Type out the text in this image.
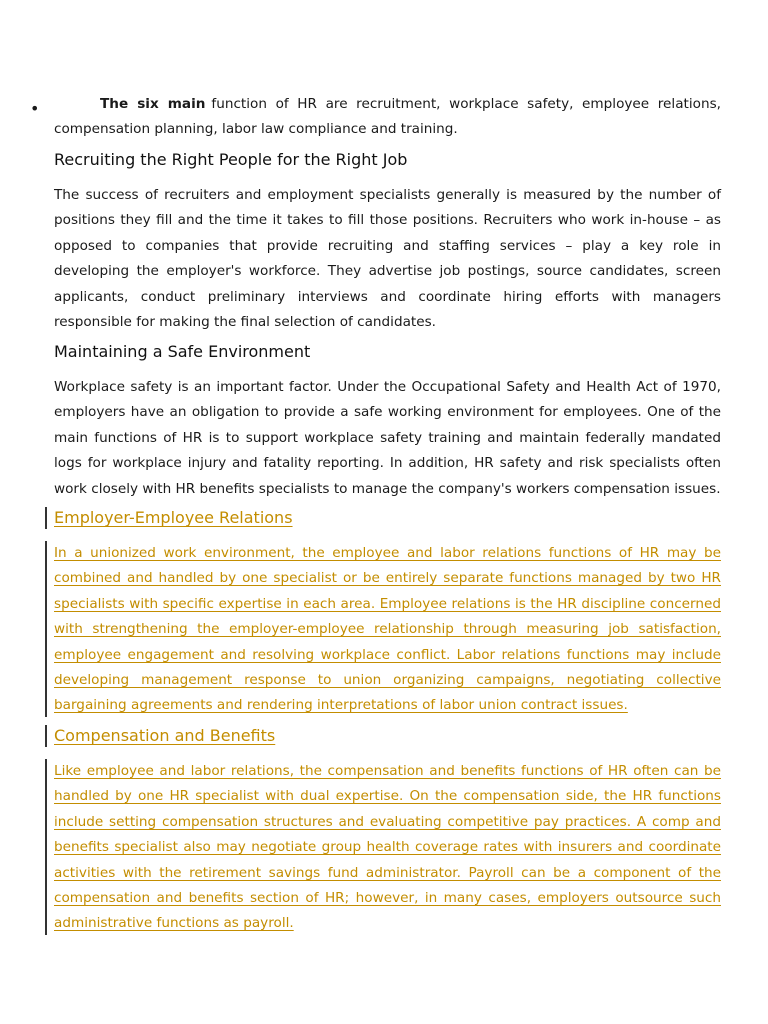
•	The six main function of HR are recruitment, workplace safety, employee relations, compensation planning, labor law compliance and training.

Recruiting the Right People for the Right Job

The success of recruiters and employment specialists generally is measured by the number of positions they fill and the time it takes to fill those positions. Recruiters who work in-house – as opposed to companies that provide recruiting and staffing services – play a key role in developing the employer's workforce. They advertise job postings, source candidates, screen applicants, conduct preliminary interviews and coordinate hiring efforts with managers responsible for making the final selection of candidates.

Maintaining a Safe Environment

Workplace safety is an important factor. Under the Occupational Safety and Health Act of 1970, employers have an obligation to provide a safe working environment for employees. One of the main functions of HR is to support workplace safety training and maintain federally mandated logs for workplace injury and fatality reporting. In addition, HR safety and risk specialists often work closely with HR benefits specialists to manage the company's workers compensation issues.

Employer-Employee Relations

In a unionized work environment, the employee and labor relations functions of HR may be combined and handled by one specialist or be entirely separate functions managed by two HR specialists with specific expertise in each area. Employee relations is the HR discipline concerned with strengthening the employer-employee relationship through measuring job satisfaction, employee engagement and resolving workplace conflict. Labor relations functions may include developing management response to union organizing campaigns, negotiating collective bargaining agreements and rendering interpretations of labor union contract issues.

Compensation and Benefits

Like employee and labor relations, the compensation and benefits functions of HR often can be handled by one HR specialist with dual expertise. On the compensation side, the HR functions include setting compensation structures and evaluating competitive pay practices. A comp and benefits specialist also may negotiate group health coverage rates with insurers and coordinate activities with the retirement savings fund administrator. Payroll can be a component of the compensation and benefits section of HR; however, in many cases, employers outsource such administrative functions as payroll.
